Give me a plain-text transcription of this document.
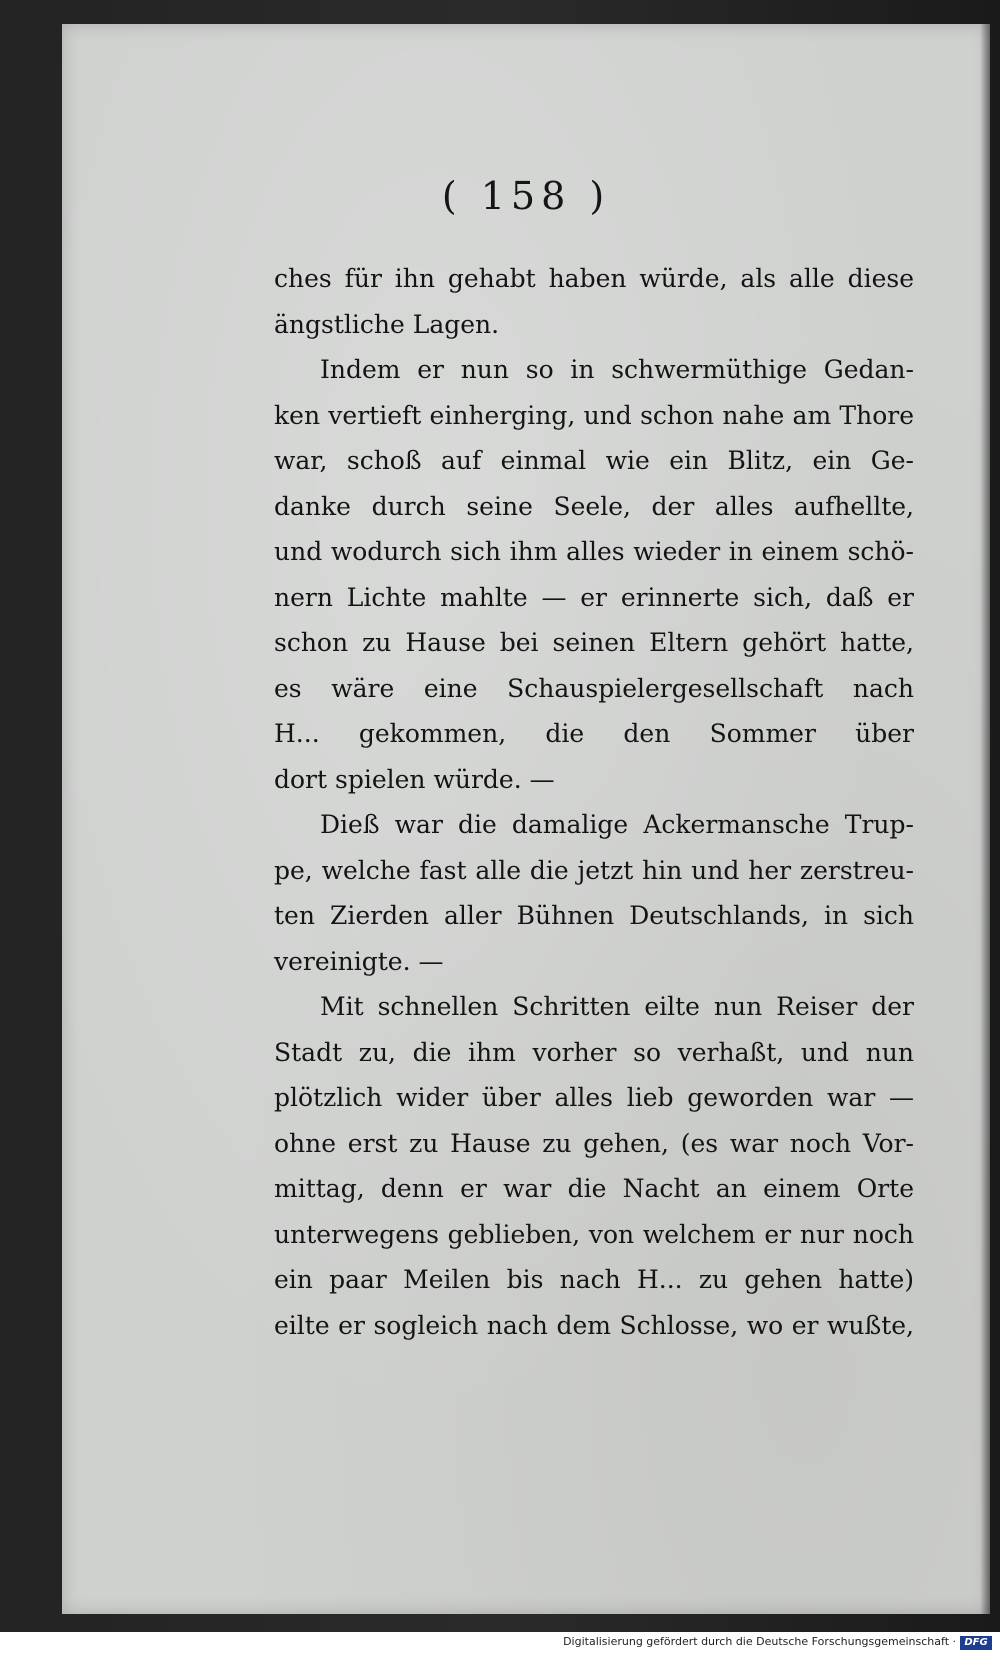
( 158 )
ches für ihn gehabt haben würde, als alle diese
ängstliche Lagen.
Indem er nun so in schwermüthige Gedan-
ken vertieft einherging, und schon nahe am Thore
war, schoß auf einmal wie ein Blitz, ein Ge-
danke durch seine Seele, der alles aufhellte,
und wodurch sich ihm alles wieder in einem schö-
nern Lichte mahlte — er erinnerte sich, daß er
schon zu Hause bei seinen Eltern gehört hatte,
es wäre eine Schauspielergesellschaft nach
H... gekommen, die den Sommer über
dort spielen würde. —
Dieß war die damalige Ackermansche Trup-
pe, welche fast alle die jetzt hin und her zerstreu-
ten Zierden aller Bühnen Deutschlands, in sich
vereinigte. —
Mit schnellen Schritten eilte nun Reiser der
Stadt zu, die ihm vorher so verhaßt, und nun
plötzlich wider über alles lieb geworden war —
ohne erst zu Hause zu gehen, (es war noch Vor-
mittag, denn er war die Nacht an einem Orte
unterwegens geblieben, von welchem er nur noch
ein paar Meilen bis nach H... zu gehen hatte)
eilte er sogleich nach dem Schlosse, wo er wußte,
Digitalisierung gefördert durch die Deutsche Forschungsgemeinschaft · DFG
